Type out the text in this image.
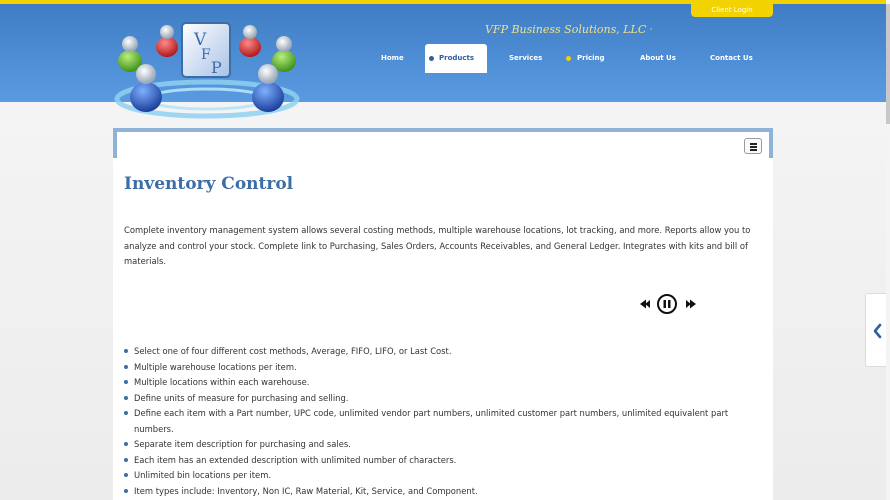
Client Login
VFP Business Solutions, LLC ›
V
F
P	Home	Products	Services	Pricing	About Us	Contact Us
Inventory Control

Complete inventory management system allows several costing methods, multiple warehouse locations, lot tracking, and more. Reports allow you to analyze and control your stock. Complete link to Purchasing, Sales Orders, Accounts Receivables, and General Ledger. Integrates with kits and bill of materials.

Select one of four different cost methods, Average, FIFO, LIFO, or Last Cost.
Multiple warehouse locations per item.
Multiple locations within each warehouse.
Define units of measure for purchasing and selling.
Define each item with a Part number, UPC code, unlimited vendor part numbers, unlimited customer part numbers, unlimited equivalent part numbers.
Separate item description for purchasing and sales.
Each item has an extended description with unlimited number of characters.
Unlimited bin locations per item.
Item types include: Inventory, Non IC, Raw Material, Kit, Service, and Component.
